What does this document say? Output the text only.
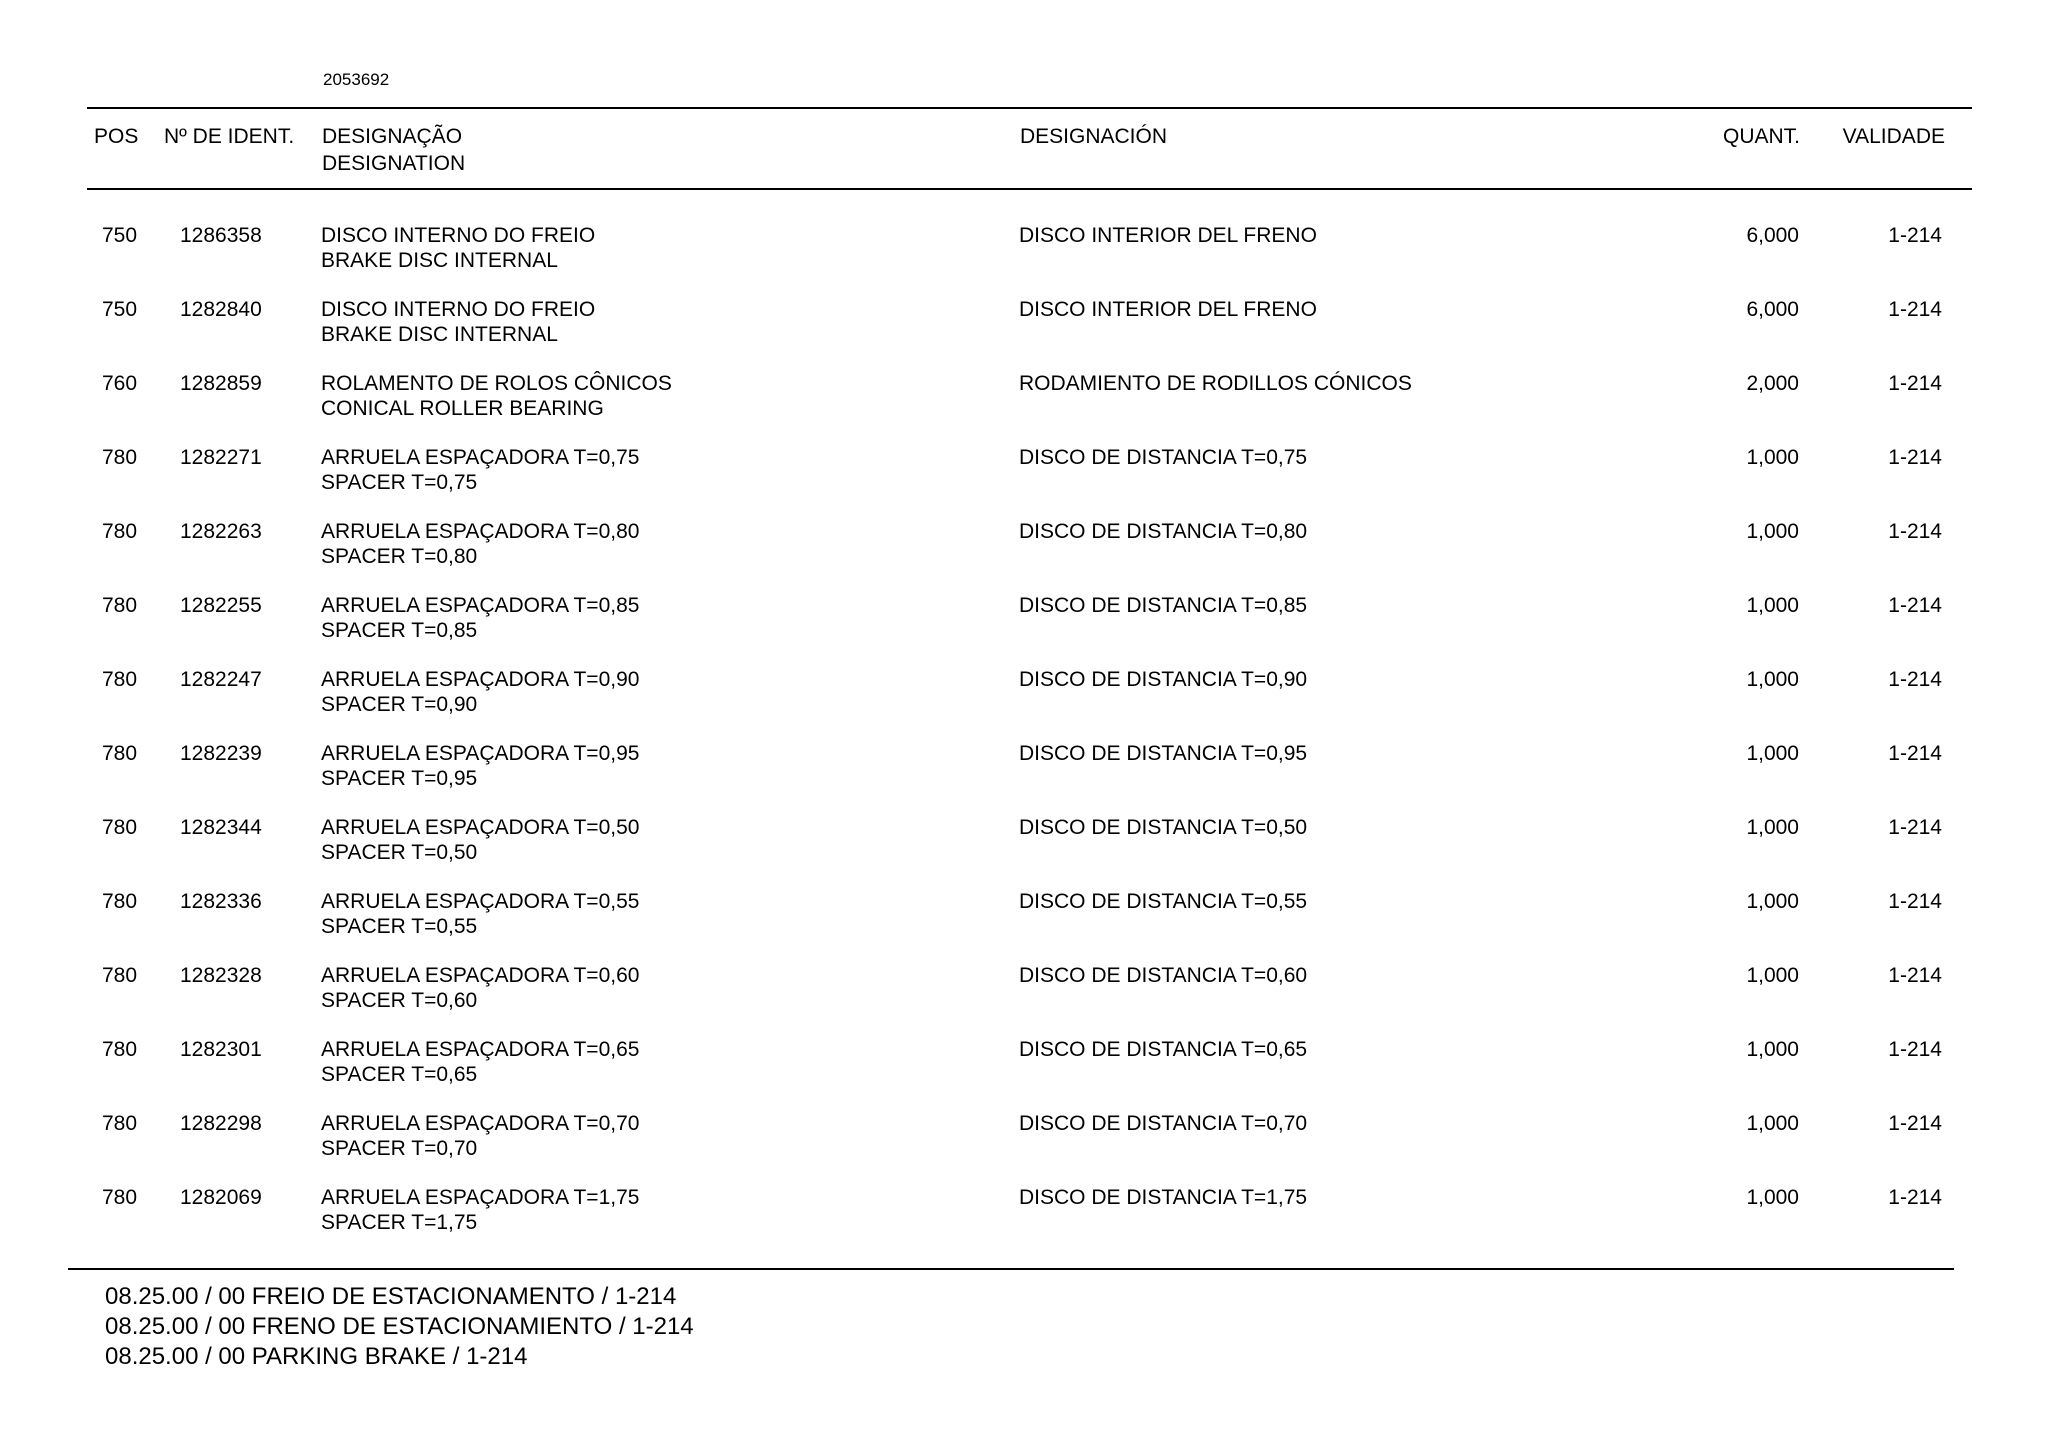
2053692
POS Nº DE IDENT. DESIGNAÇÃO
DESIGNATION
DESIGNACIÓN	QUANT. VALIDADE
750 1286358	DISCO INTERNO DO FREIO
BRAKE DISC INTERNAL
DISCO INTERIOR DEL FRENO	6,000	1-214
750 1282840	DISCO INTERNO DO FREIO
BRAKE DISC INTERNAL
DISCO INTERIOR DEL FRENO	6,000	1-214
760 1282859	ROLAMENTO DE ROLOS CÔNICOS
CONICAL ROLLER BEARING
RODAMIENTO DE RODILLOS CÓNICOS	2,000	1-214
780 1282271	ARRUELA ESPAÇADORA T=0,75
SPACER T=0,75
DISCO DE DISTANCIA T=0,75	1,000	1-214
780 1282263	ARRUELA ESPAÇADORA T=0,80
SPACER T=0,80
DISCO DE DISTANCIA T=0,80	1,000	1-214
780 1282255	ARRUELA ESPAÇADORA T=0,85
SPACER T=0,85
DISCO DE DISTANCIA T=0,85	1,000	1-214
780 1282247	ARRUELA ESPAÇADORA T=0,90
SPACER T=0,90
DISCO DE DISTANCIA T=0,90	1,000	1-214
780 1282239	ARRUELA ESPAÇADORA T=0,95
SPACER T=0,95
DISCO DE DISTANCIA T=0,95	1,000	1-214
780 1282344	ARRUELA ESPAÇADORA T=0,50
SPACER T=0,50
DISCO DE DISTANCIA T=0,50	1,000	1-214
780 1282336	ARRUELA ESPAÇADORA T=0,55
SPACER T=0,55
DISCO DE DISTANCIA T=0,55	1,000	1-214
780 1282328	ARRUELA ESPAÇADORA T=0,60
SPACER T=0,60
DISCO DE DISTANCIA T=0,60	1,000	1-214
780 1282301	ARRUELA ESPAÇADORA T=0,65
SPACER T=0,65
DISCO DE DISTANCIA T=0,65	1,000	1-214
780 1282298	ARRUELA ESPAÇADORA T=0,70
SPACER T=0,70
DISCO DE DISTANCIA T=0,70	1,000	1-214
780 1282069	ARRUELA ESPAÇADORA T=1,75
SPACER T=1,75
DISCO DE DISTANCIA T=1,75	1,000	1-214
08.25.00 / 00 FREIO DE ESTACIONAMENTO / 1-214
08.25.00 / 00 FRENO DE ESTACIONAMIENTO / 1-214
08.25.00 / 00 PARKING BRAKE / 1-214
